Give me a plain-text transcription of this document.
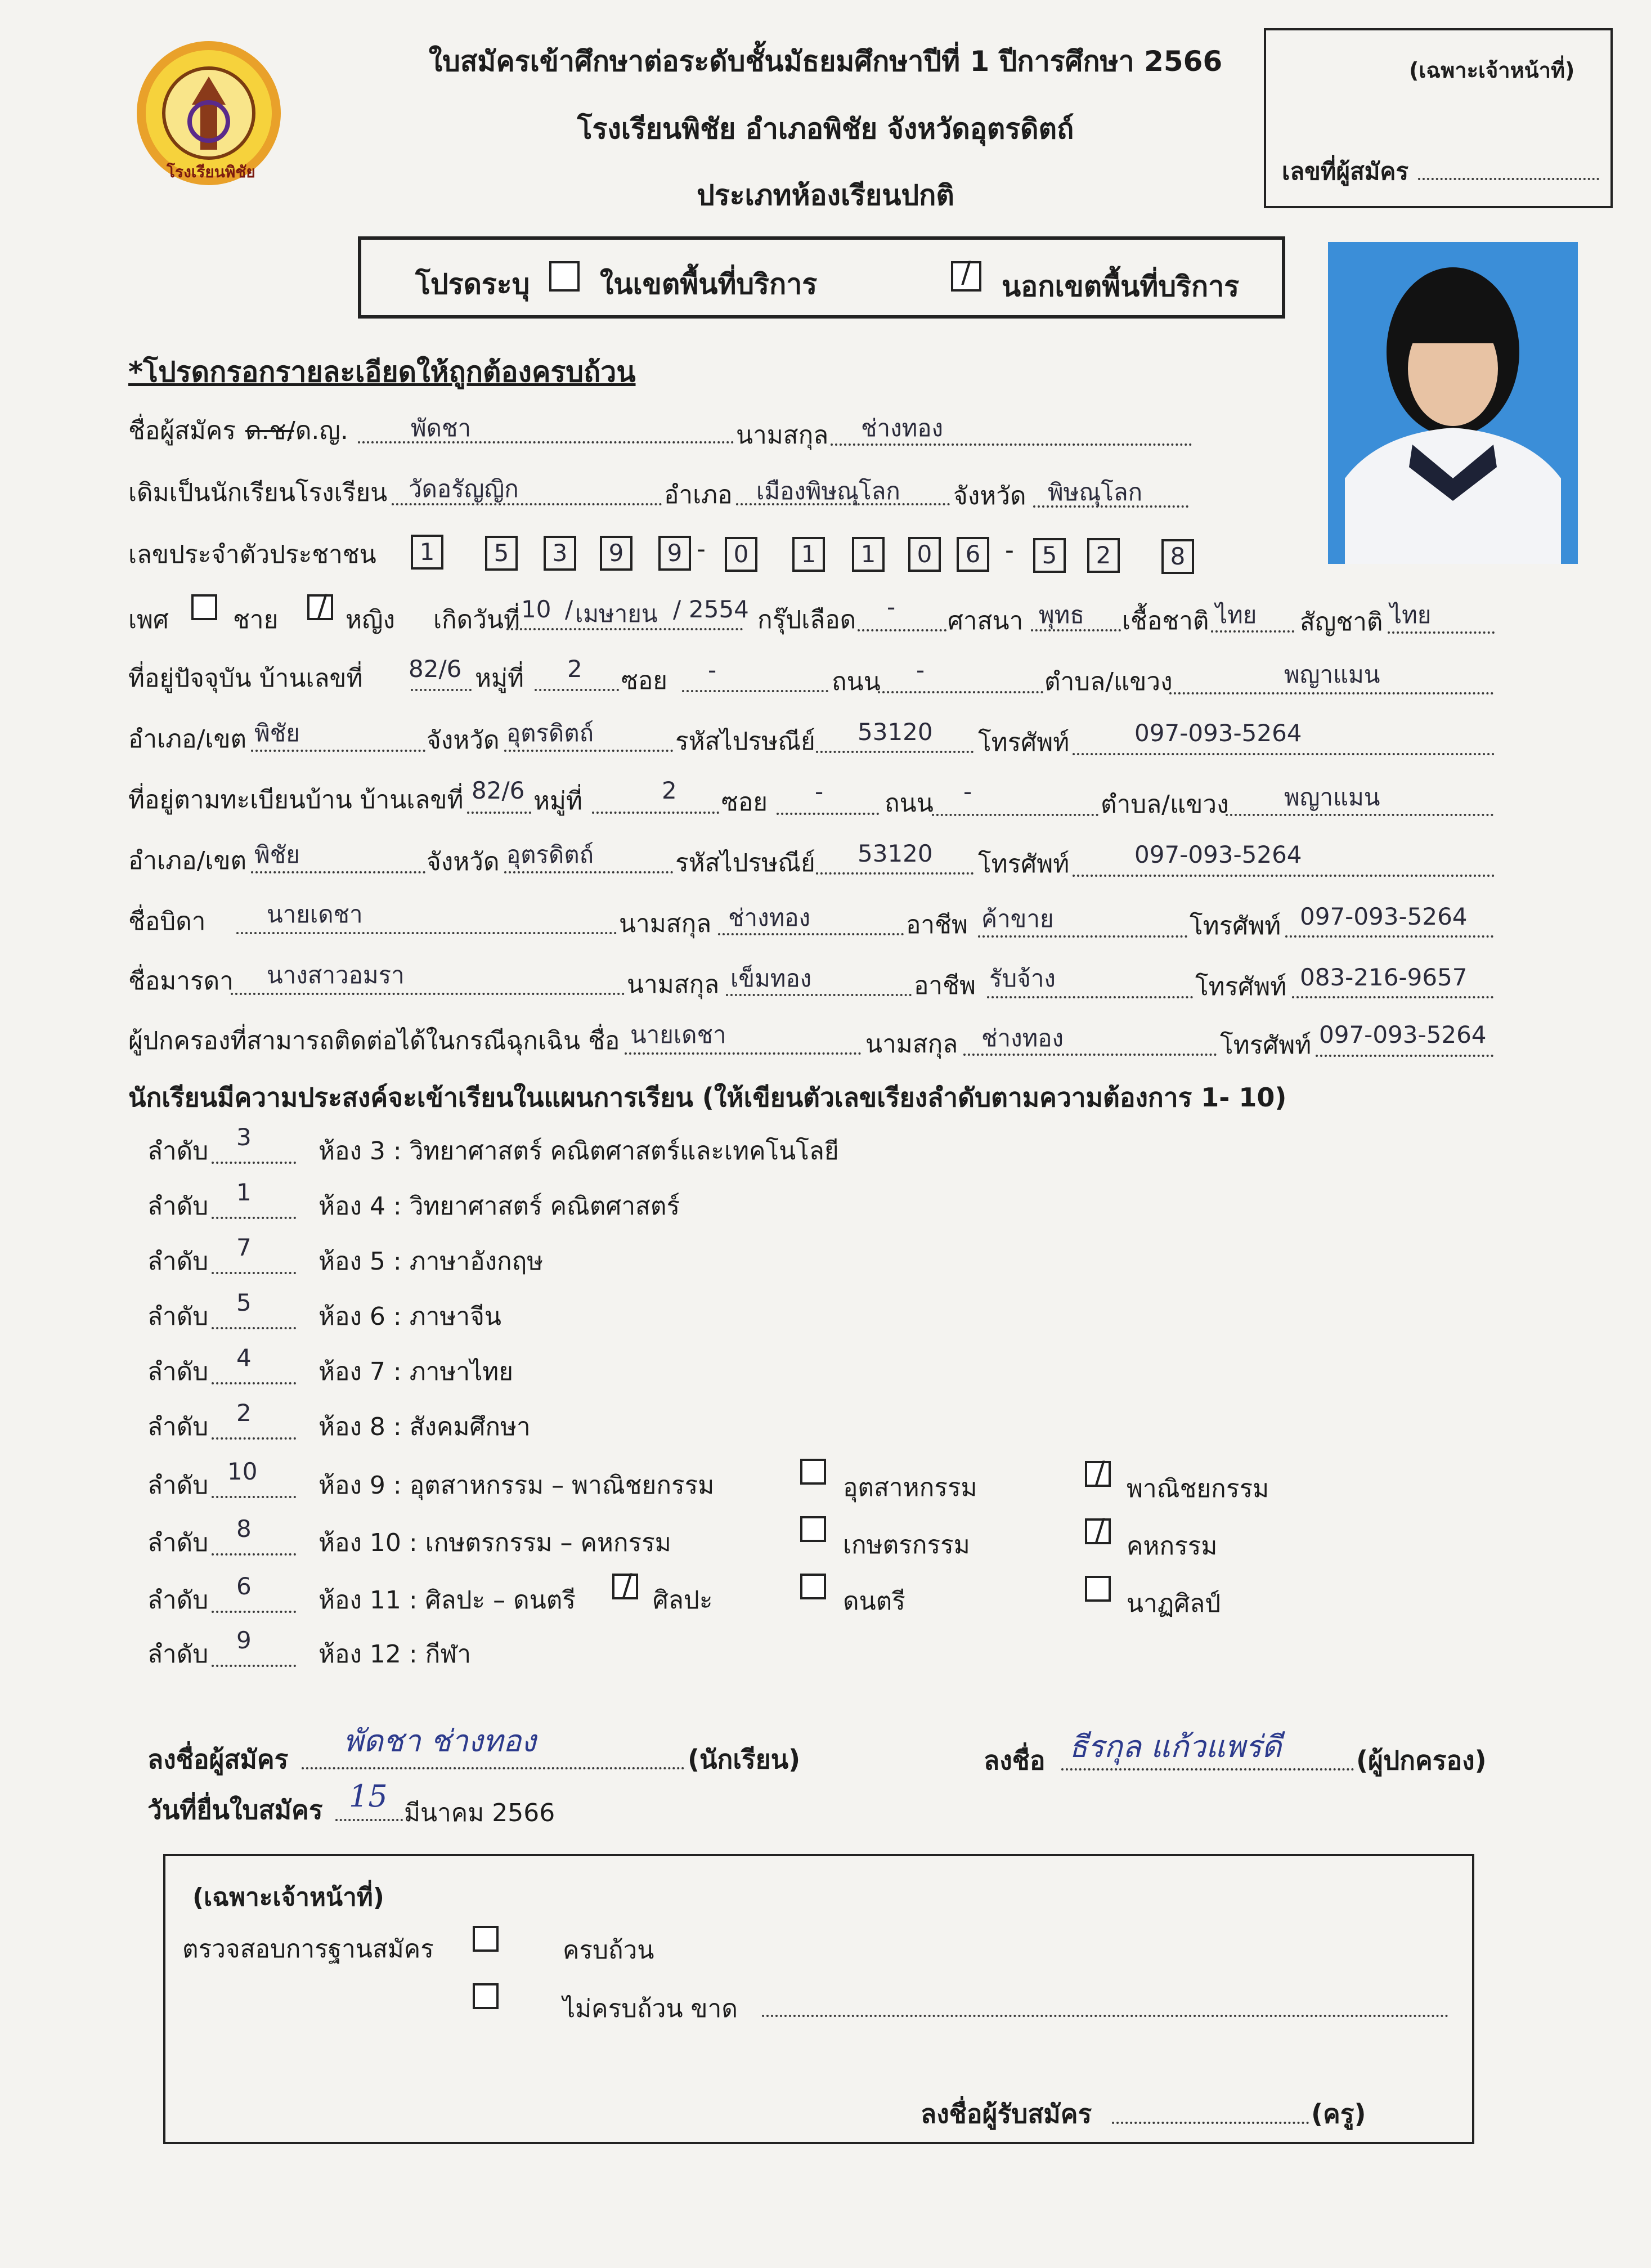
โรงเรียนพิชัย
ใบสมัครเข้าศึกษาต่อระดับชั้นมัธยมศึกษาปีที่ 1 ปีการศึกษา 2566
โรงเรียนพิชัย อำเภอพิชัย จังหวัดอุตรดิตถ์
ประเภทห้องเรียนปกติ
(เฉพาะเจ้าหน้าที่)
เลขที่ผู้สมัคร
โปรดระบุ ในเขตพื้นที่บริการ	/ นอกเขตพื้นที่บริการ
*โปรดกรอกรายละเอียดให้ถูกต้องครบถ้วน
ชื่อผู้สมัคร ด.ช.
/ด.ญ.	พัดชา	นามสกุล ช่างทอง
เดิมเป็นนักเรียนโรงเรียน วัดอรัญญิก	อำเภอ เมืองพิษณุโลก จังหวัด พิษณุโลก
เลขประจำตัวประชาชน	1	5	3	9	9 -	0	1	1	0	6 -	5	2	8
เพศ	ชาย / หญิง เกิดวันที่ 10 / เมษายน / 2554 กรุ๊ปเลือด - ศาสนา พุทธ เชื้อชาติ ไทย สัญชาติ ไทย
ที่อยู่ปัจจุบัน บ้านเลขที่ 82/6 หมู่ที่ 2 ซอย -	ถนน -	ตำบล/แขวง	พญาแมน
อำเภอ/เขต พิชัย	จังหวัด อุตรดิตถ์	รหัสไปรษณีย์ 53120 โทรศัพท์	097-093-5264
ที่อยู่ตามทะเบียนบ้าน บ้านเลขที่ 82/6 หมู่ที่	2 ซอย - ถนน -	ตำบล/แขวง พญาแมน
อำเภอ/เขต พิชัย	จังหวัด อุตรดิตถ์	รหัสไปรษณีย์ 53120 โทรศัพท์	097-093-5264
ชื่อบิดา	นายเดชา	นามสกุล ช่างทอง	อาชีพ ค้าขาย	โทรศัพท์ 097-093-5264
ชื่อมารดา นางสาวอมรา	นามสกุล เข็มทอง	อาชีพ รับจ้าง	โทรศัพท์ 083-216-9657
ผู้ปกครองที่สามารถติดต่อได้ในกรณีฉุกเฉิน ชื่อ นายเดชา	นามสกุล ช่างทอง	โทรศัพท์ 097-093-5264
นักเรียนมีความประสงค์จะเข้าเรียนในแผนการเรียน (ให้เขียนตัวเลขเรียงลำดับตามความต้องการ 1- 10)
ลำดับ 3	ห้อง 3 : วิทยาศาสตร์ คณิตศาสตร์และเทคโนโลยี
ลำดับ 1	ห้อง 4 : วิทยาศาสตร์ คณิตศาสตร์
ลำดับ 7	ห้อง 5 : ภาษาอังกฤษ
ลำดับ 5	ห้อง 6 : ภาษาจีน
ลำดับ 4	ห้อง 7 : ภาษาไทย
ลำดับ 2	ห้อง 8 : สังคมศึกษา
ลำดับ 10 ห้อง 9 : อุตสาหกรรม – พาณิชยกรรม	อุตสาหกรรม	/ พาณิชยกรรม
ลำดับ 8	ห้อง 10 : เกษตรกรรม – คหกรรม	เกษตรกรรม	/ คหกรรม
ลำดับ 6	ห้อง 11 : ศิลปะ – ดนตรี / ศิลปะ	ดนตรี	นาฏศิลป์
ลำดับ 9	ห้อง 12 : กีฬา
ลงชื่อผู้สมัคร
พัดชา ช่างทอง
(นักเรียน)	ลงชื่อ ธีรกุล แก้วแพร่ดี	(ผู้ปกครอง)
วันที่ยื่นใบสมัคร 15 มีนาคม 2566
(เฉพาะเจ้าหน้าที่)
ตรวจสอบการฐานสมัคร	ครบถ้วน
ไม่ครบถ้วน ขาด
ลงชื่อผู้รับสมัคร	(ครู)
